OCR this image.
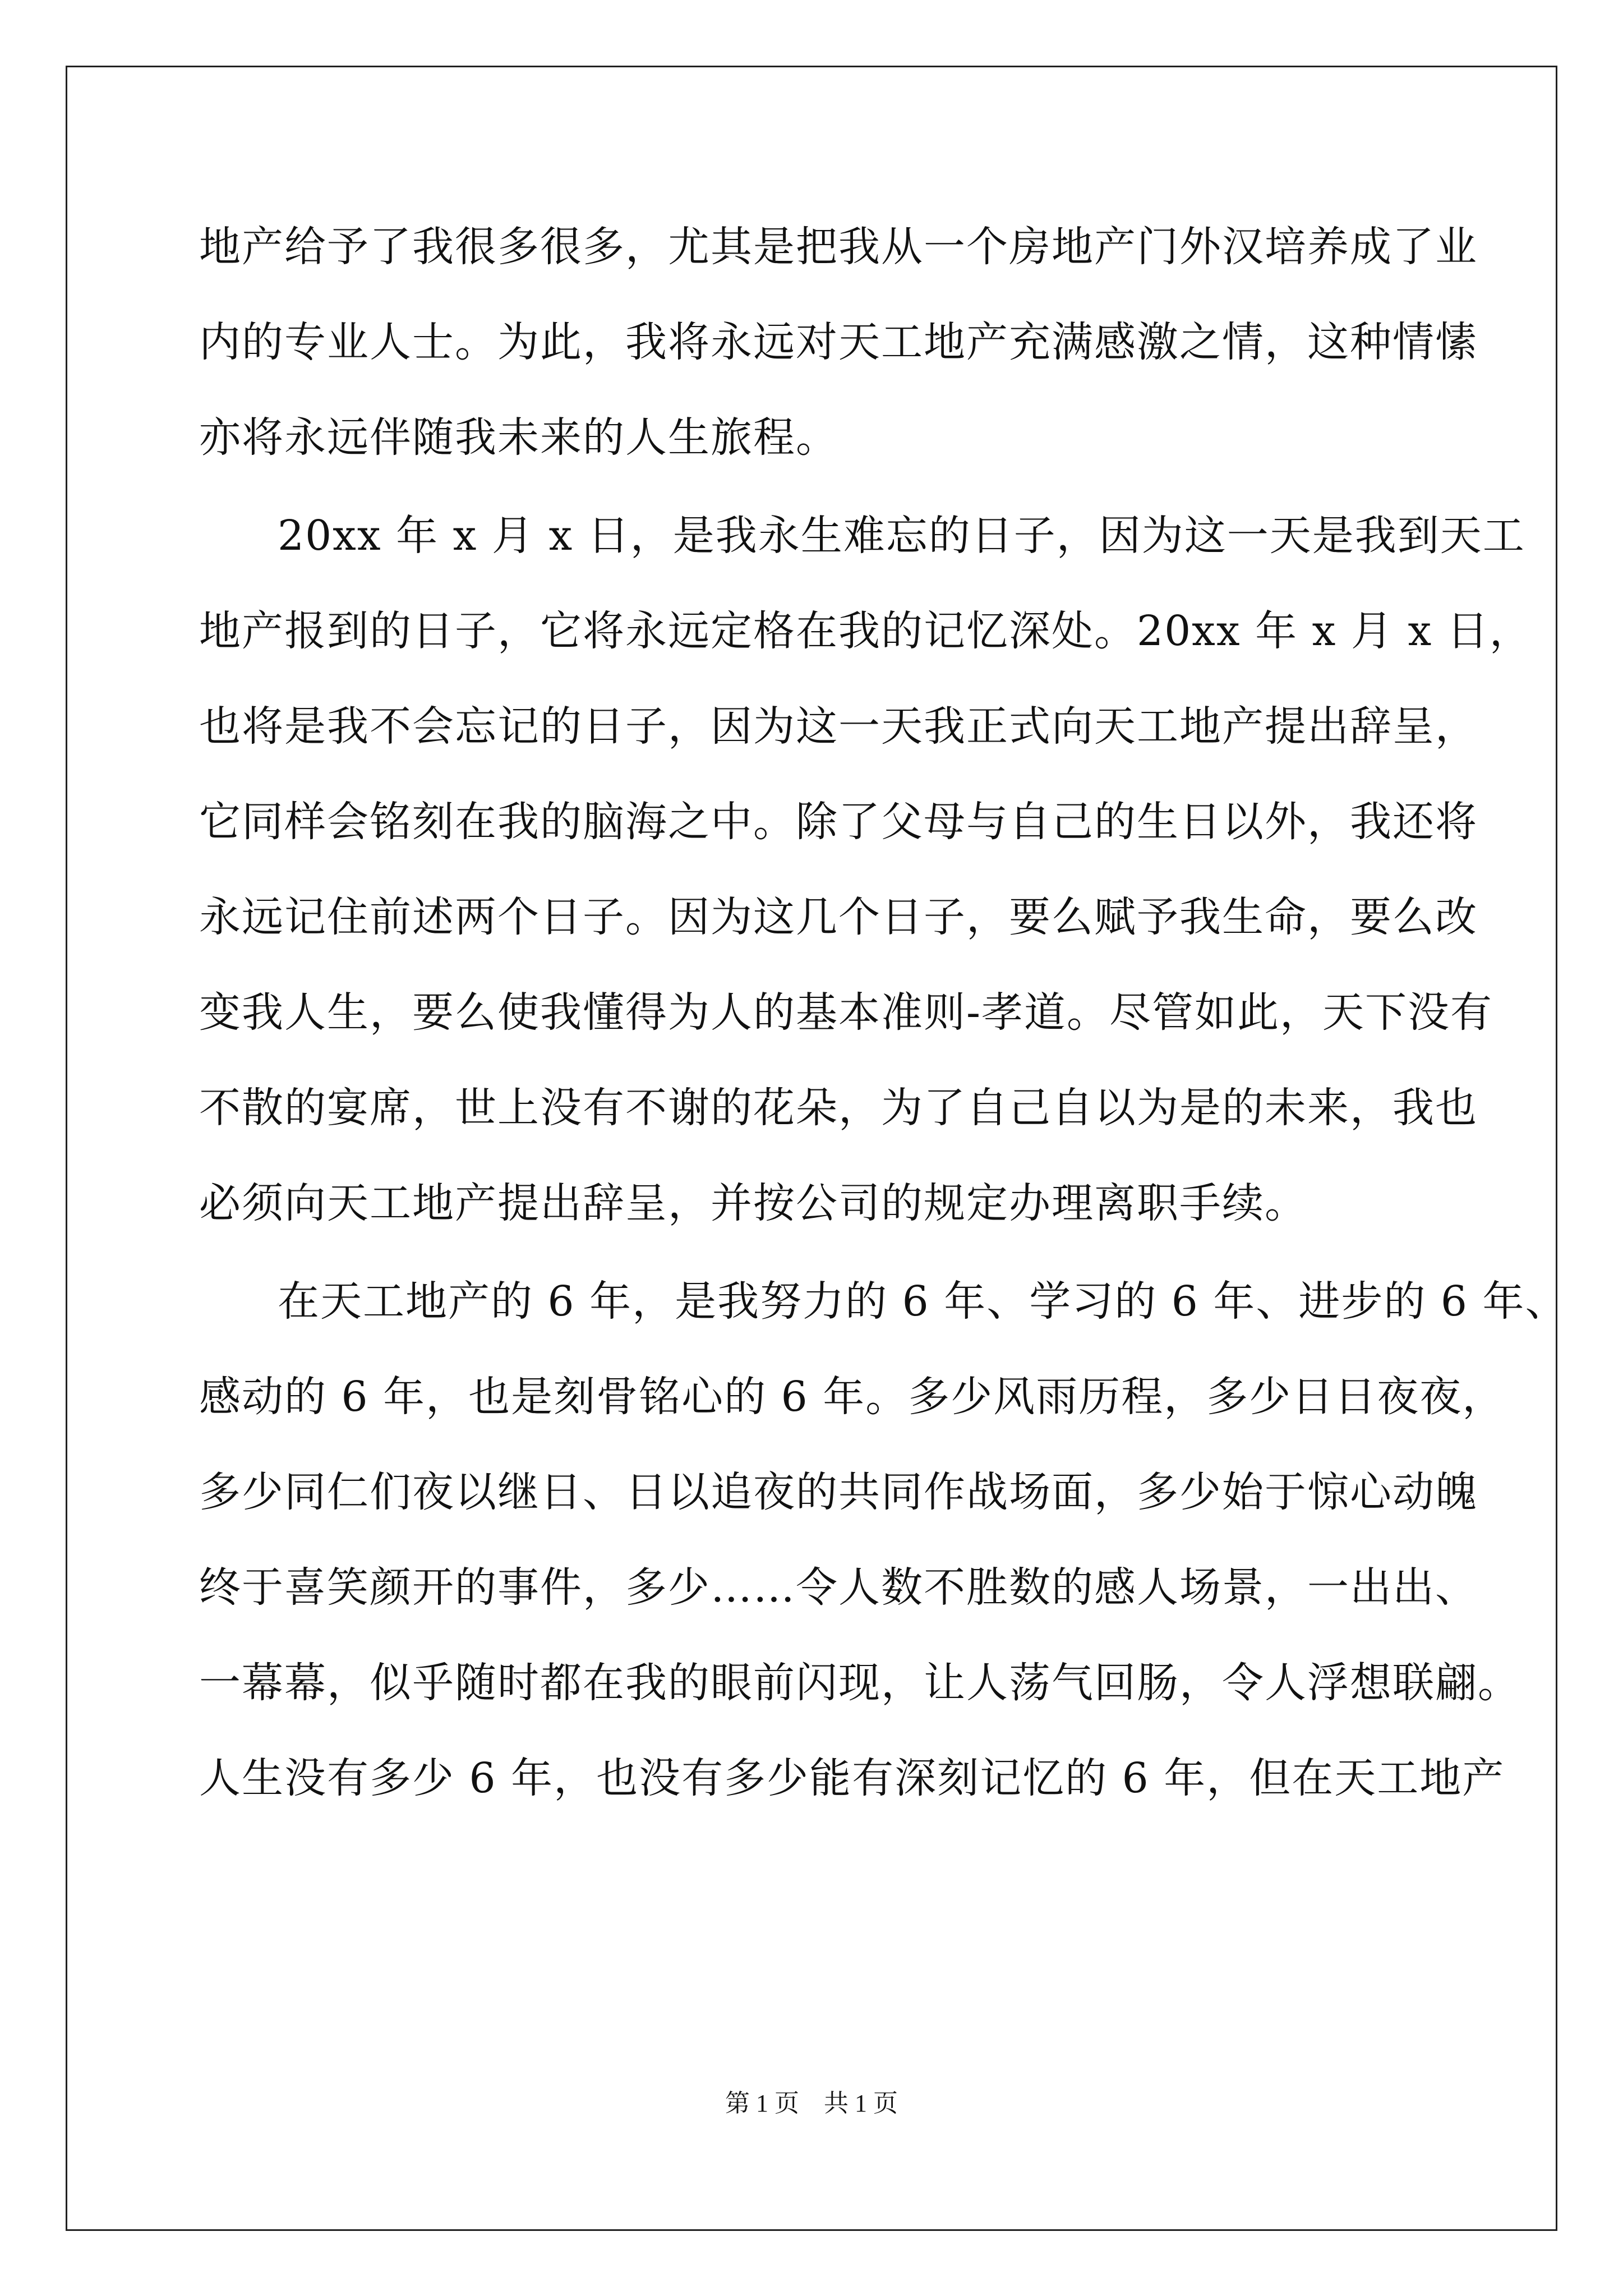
地产给予了我很多很多，尤其是把我从一个房地产门外汉培养成了业
内的专业人士。为此，我将永远对天工地产充满感激之情，这种情愫
亦将永远伴随我未来的人生旅程。
20xx 年 x 月 x 日，是我永生难忘的日子，因为这一天是我到天工
地产报到的日子，它将永远定格在我的记忆深处。20xx 年 x 月 x 日，
也将是我不会忘记的日子，因为这一天我正式向天工地产提出辞呈，
它同样会铭刻在我的脑海之中。除了父母与自己的生日以外，我还将
永远记住前述两个日子。因为这几个日子，要么赋予我生命，要么改
变我人生，要么使我懂得为人的基本准则-孝道。尽管如此，天下没有
不散的宴席，世上没有不谢的花朵，为了自己自以为是的未来，我也
必须向天工地产提出辞呈，并按公司的规定办理离职手续。
在天工地产的 6 年，是我努力的 6 年、学习的 6 年、进步的 6 年、
感动的 6 年，也是刻骨铭心的 6 年。多少风雨历程，多少日日夜夜，
多少同仁们夜以继日、日以追夜的共同作战场面，多少始于惊心动魄
终于喜笑颜开的事件，多少……令人数不胜数的感人场景，一出出、
一幕幕，似乎随时都在我的眼前闪现，让人荡气回肠，令人浮想联翩。
人生没有多少 6 年，也没有多少能有深刻记忆的 6 年，但在天工地产
第 1 页　共 1 页
